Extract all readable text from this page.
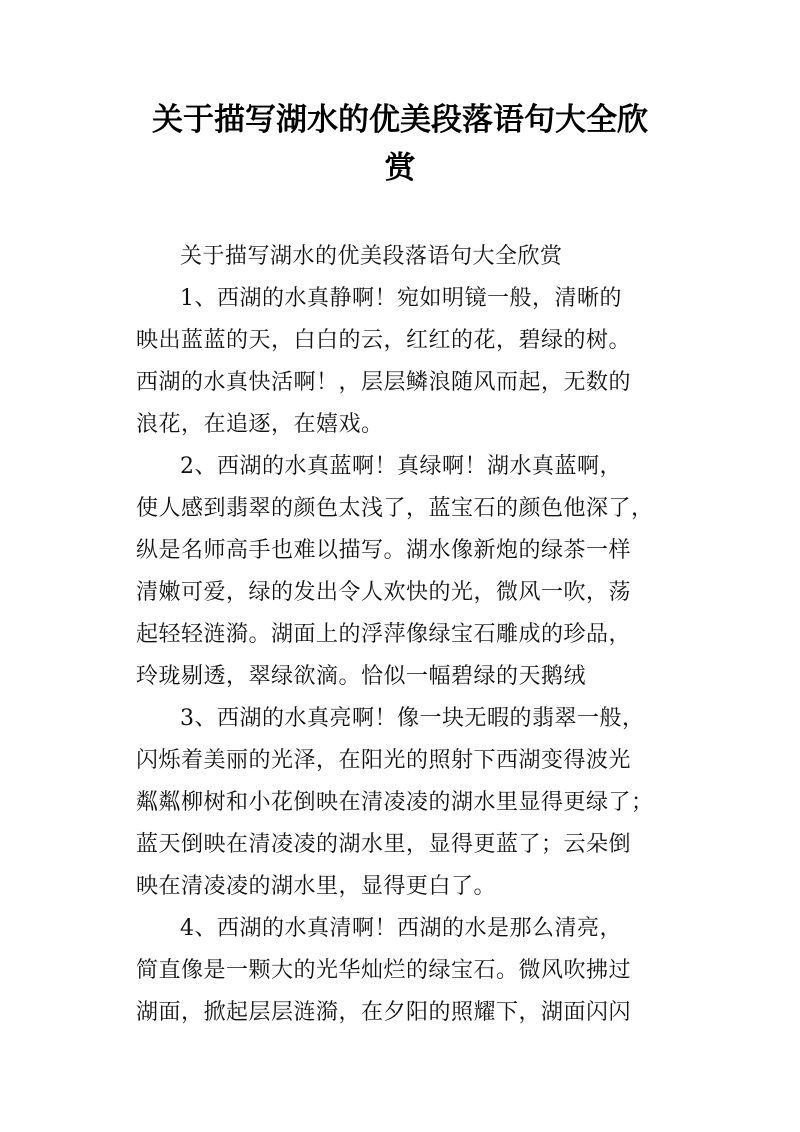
关于描写湖水的优美段落语句大全欣
赏
关于描写湖水的优美段落语句大全欣赏
1、西湖的水真静啊！宛如明镜一般，清晰的
映出蓝蓝的天，白白的云，红红的花，碧绿的树。
西湖的水真快活啊！，层层鳞浪随风而起，无数的
浪花，在追逐，在嬉戏。
2、西湖的水真蓝啊！真绿啊！湖水真蓝啊，
使人感到翡翠的颜色太浅了，蓝宝石的颜色他深了，
纵是名师高手也难以描写。湖水像新炮的绿茶一样
清嫩可爱，绿的发出令人欢快的光，微风一吹，荡
起轻轻涟漪。湖面上的浮萍像绿宝石雕成的珍品，
玲珑剔透，翠绿欲滴。恰似一幅碧绿的天鹅绒
3、西湖的水真亮啊！像一块无暇的翡翠一般，
闪烁着美丽的光泽，在阳光的照射下西湖变得波光
粼粼柳树和小花倒映在清凌凌的湖水里显得更绿了；
蓝天倒映在清凌凌的湖水里，显得更蓝了；云朵倒
映在清凌凌的湖水里，显得更白了。
4、西湖的水真清啊！西湖的水是那么清亮，
简直像是一颗大的光华灿烂的绿宝石。微风吹拂过
湖面，掀起层层涟漪，在夕阳的照耀下，湖面闪闪
